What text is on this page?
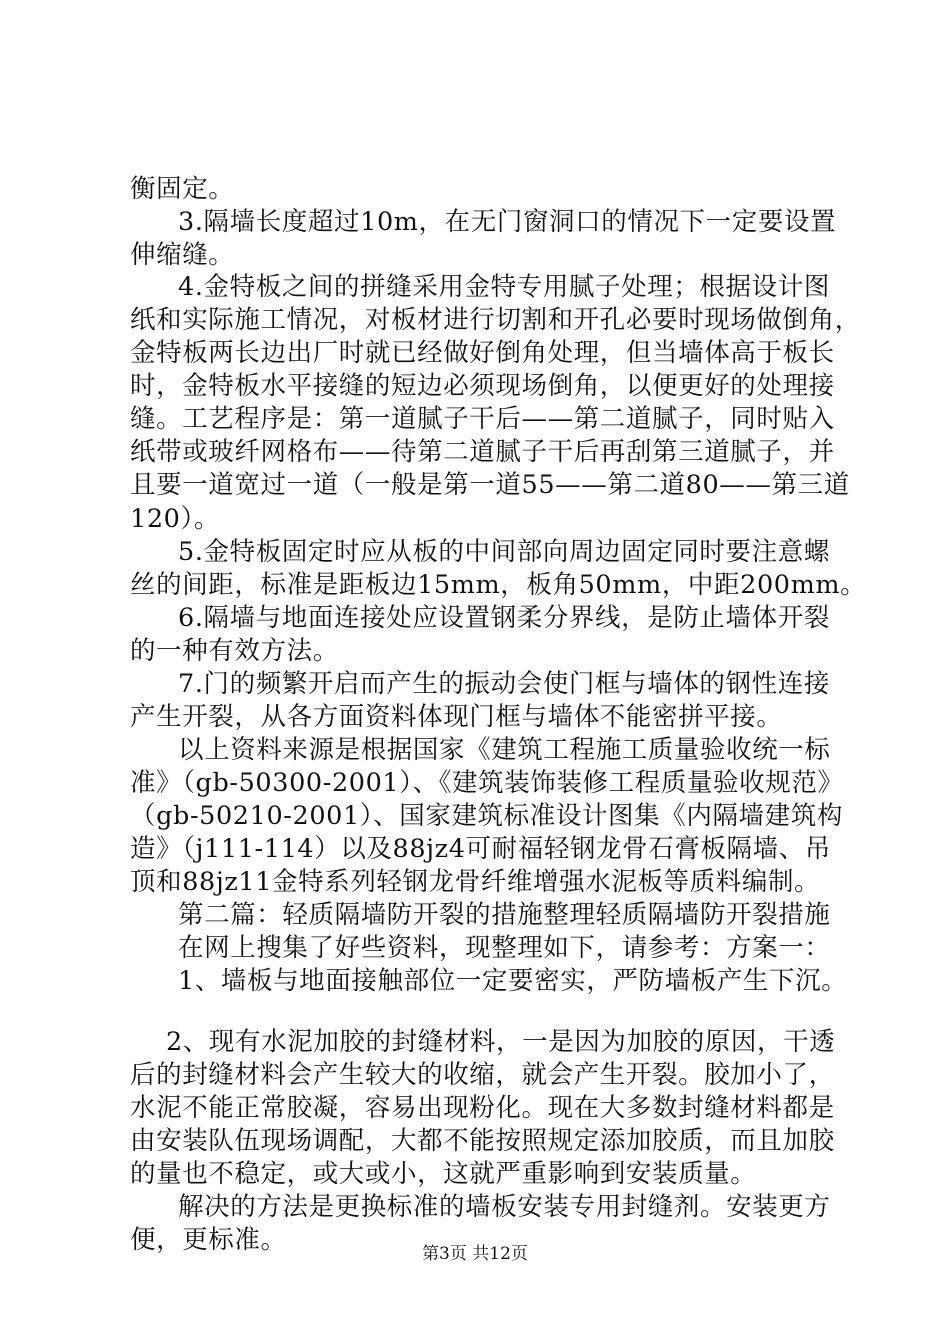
衡固定。
3.隔墙长度超过10m，在无门窗洞口的情况下一定要设置
伸缩缝。
4.金特板之间的拼缝采用金特专用腻子处理；根据设计图
纸和实际施工情况，对板材进行切割和开孔必要时现场做倒角，
金特板两长边出厂时就已经做好倒角处理，但当墙体高于板长
时，金特板水平接缝的短边必须现场倒角，以便更好的处理接
缝。工艺程序是：第一道腻子干后——第二道腻子，同时贴入
纸带或玻纤网格布——待第二道腻子干后再刮第三道腻子，并
且要一道宽过一道（一般是第一道55——第二道80——第三道
120）。
5.金特板固定时应从板的中间部向周边固定同时要注意螺
丝的间距，标准是距板边15mm，板角50mm，中距200mm。
6.隔墙与地面连接处应设置钢柔分界线，是防止墙体开裂
的一种有效方法。
7.门的频繁开启而产生的振动会使门框与墙体的钢性连接
产生开裂，从各方面资料体现门框与墙体不能密拼平接。
以上资料来源是根据国家《建筑工程施工质量验收统一标
准》（gb-50300-2001）、《建筑装饰装修工程质量验收规范》
（gb-50210-2001）、国家建筑标准设计图集《内隔墙建筑构
造》（j111-114）以及88jz4可耐福轻钢龙骨石膏板隔墙、吊
顶和88jz11金特系列轻钢龙骨纤维增强水泥板等质料编制。
第二篇：轻质隔墙防开裂的措施整理轻质隔墙防开裂措施
在网上搜集了好些资料，现整理如下，请参考：方案一：
1、墙板与地面接触部位一定要密实，严防墙板产生下沉。
2、现有水泥加胶的封缝材料，一是因为加胶的原因，干透
后的封缝材料会产生较大的收缩，就会产生开裂。胶加小了，
水泥不能正常胶凝，容易出现粉化。现在大多数封缝材料都是
由安装队伍现场调配，大都不能按照规定添加胶质，而且加胶
的量也不稳定，或大或小，这就严重影响到安装质量。
解决的方法是更换标准的墙板安装专用封缝剂。安装更方
便，更标准。	第3页 共12页
